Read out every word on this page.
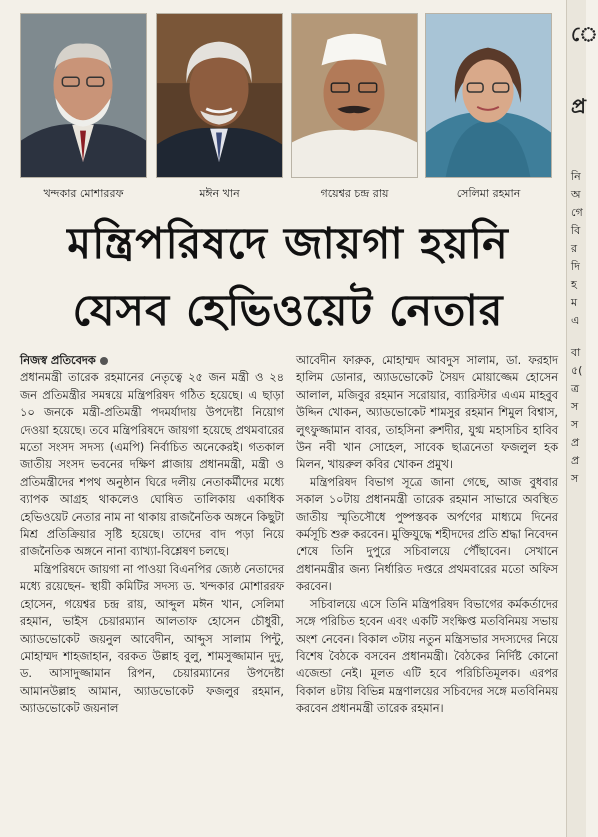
খন্দকার মোশাররফ	মঈন খান	গয়েশ্বর চন্দ্র রায়	সেলিমা রহমান
মন্ত্রিপরিষদে জায়গা হয়নি
যেসব হেভিওয়েট নেতার

নিজস্ব প্রতিবেদক

প্রধানমন্ত্রী তারেক রহমানের নেতৃত্বে ২৫ জন মন্ত্রী ও ২৪ জন প্রতিমন্ত্রীর সমন্বয়ে মন্ত্রিপরিষদ গঠিত হয়েছে। এ ছাড়া ১০ জনকে মন্ত্রী-প্রতিমন্ত্রী পদমর্যাদায় উপদেষ্টা নিয়োগ দেওয়া হয়েছে। তবে মন্ত্রিপরিষদে জায়গা হয়েছে প্রথমবারের মতো সংসদ সদস্য (এমপি) নির্বাচিত অনেকেরই। গতকাল জাতীয় সংসদ ভবনের দক্ষিণ প্লাজায় প্রধানমন্ত্রী, মন্ত্রী ও প্রতিমন্ত্রীদের শপথ অনুষ্ঠান ঘিরে দলীয় নেতাকর্মীদের মধ্যে ব্যাপক আগ্রহ থাকলেও ঘোষিত তালিকায় একাধিক হেভিওয়েট নেতার নাম না থাকায় রাজনৈতিক অঙ্গনে কিছুটা মিশ্র প্রতিক্রিয়ার সৃষ্টি হয়েছে। তাদের বাদ পড়া নিয়ে রাজনৈতিক অঙ্গনে নানা ব্যাখ্যা-বিশ্লেষণ চলছে।

মন্ত্রিপরিষদে জায়গা না পাওয়া বিএনপির জ্যেষ্ঠ নেতাদের মধ্যে রয়েছেন- স্থায়ী কমিটির সদস্য ড. খন্দকার মোশাররফ হোসেন, গয়েশ্বর চন্দ্র রায়, আব্দুল মঈন খান, সেলিমা রহমান, ভাইস চেয়ারম্যান আলতাফ হোসেন চৌধুরী, অ্যাডভোকেট জয়নুল আবেদীন, আব্দুস সালাম পিন্টু, মোহাম্মদ শাহজাহান, বরকত উল্লাহ বুলু, শামসুজ্জামান দুদু, ড. আসাদুজ্জামান রিপন, চেয়ারম্যানের উপদেষ্টা আমানউল্লাহ আমান, অ্যাডভোকেট ফজলুর রহমান, অ্যাডভোকেট জয়নাল

আবেদীন ফারুক, মোহাম্মদ আবদুস সালাম, ডা. ফরহাদ হালিম ডোনার, অ্যাডভোকেট সৈয়দ মোয়াজ্জেম হোসেন আলাল, মজিবুর রহমান সরোয়ার, ব্যারিস্টার এএম মাহবুব উদ্দিন খোকন, অ্যাডভোকেট শামসুর রহমান শিমুল বিশ্বাস, লুৎফুজ্জামান বাবর, তাহসিনা রুশদীর, যুগ্ম মহাসচিব হাবিব উন নবী খান সোহেল, সাবেক ছাত্রনেতা ফজলুল হক মিলন, খায়রুল কবির খোকন প্রমুখ।

মন্ত্রিপরিষদ বিভাগ সূত্রে জানা গেছে, আজ বুধবার সকাল ১০টায় প্রধানমন্ত্রী তারেক রহমান সাভারে অবস্থিত জাতীয় স্মৃতিসৌধে পুষ্পস্তবক অর্পণের মাধ্যমে দিনের কর্মসূচি শুরু করবেন। মুক্তিযুদ্ধে শহীদদের প্রতি শ্রদ্ধা নিবেদন শেষে তিনি দুপুরে সচিবালয়ে পৌঁছাবেন। সেখানে প্রধানমন্ত্রীর জন্য নির্ধারিত দপ্তরে প্রথমবারের মতো অফিস করবেন।

সচিবালয়ে এসে তিনি মন্ত্রিপরিষদ বিভাগের কর্মকর্তাদের সঙ্গে পরিচিত হবেন এবং একটি সংক্ষিপ্ত মতবিনিময় সভায় অংশ নেবেন। বিকাল ৩টায় নতুন মন্ত্রিসভার সদস্যদের নিয়ে বিশেষ বৈঠকে বসবেন প্রধানমন্ত্রী। বৈঠকের নির্দিষ্ট কোনো এজেন্ডা নেই। মূলত এটি হবে পরিচিতিমূলক। এরপর বিকাল ৪টায় বিভিন্ন মন্ত্রণালয়ের সচিবদের সঙ্গে মতবিনিময় করবেন প্রধানমন্ত্রী তারেক রহমান।

ে
প্র
নি
অ
গে
বি
র
দি
হ
ম
এ
বা
৫(
ত্র
স
স
প্র
প্র
স
